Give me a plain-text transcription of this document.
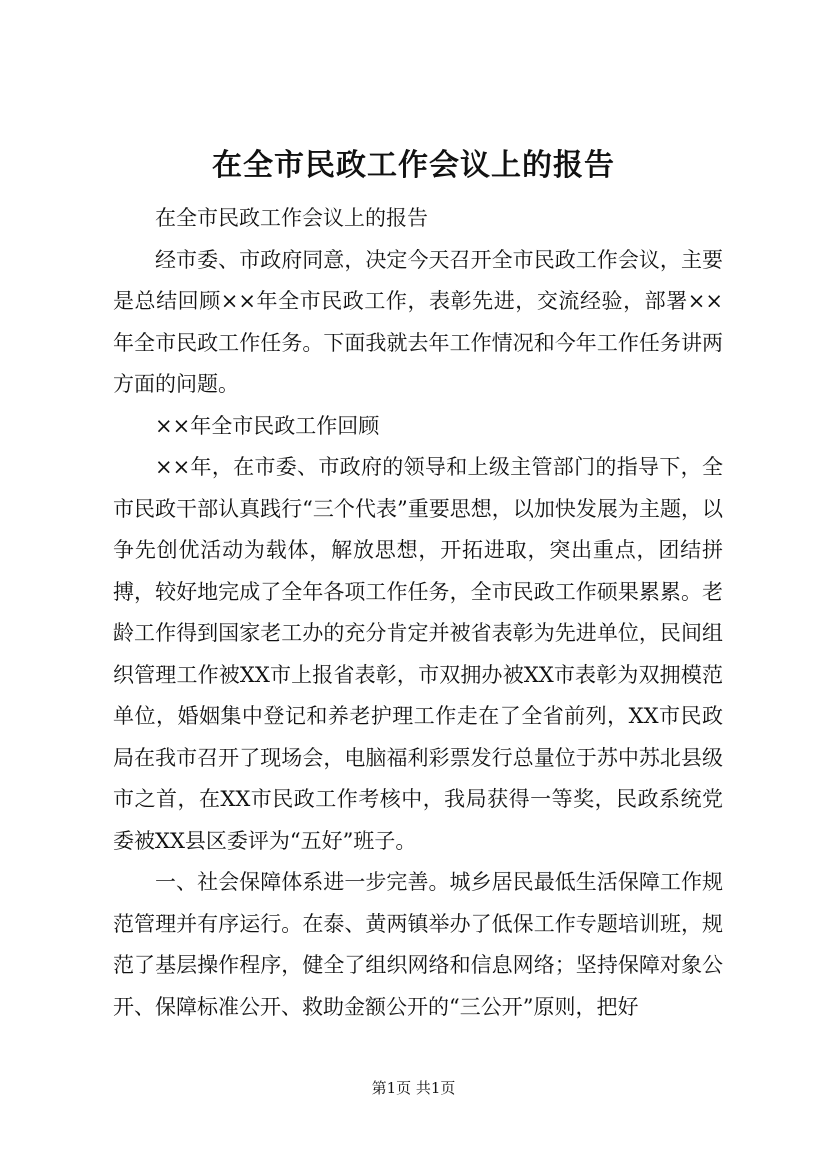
在全市民政工作会议上的报告

在全市民政工作会议上的报告

经市委、市政府同意，决定今天召开全市民政工作会议，主要是总结回顾××年全市民政工作，表彰先进，交流经验，部署××年全市民政工作任务。下面我就去年工作情况和今年工作任务讲两方面的问题。

××年全市民政工作回顾

××年，在市委、市政府的领导和上级主管部门的指导下，全市民政干部认真践行“三个代表”重要思想，以加快发展为主题，以争先创优活动为载体，解放思想，开拓进取，突出重点，团结拼搏，较好地完成了全年各项工作任务，全市民政工作硕果累累。老龄工作得到国家老工办的充分肯定并被省表彰为先进单位，民间组织管理工作被XX市上报省表彰，市双拥办被XX市表彰为双拥模范单位，婚姻集中登记和养老护理工作走在了全省前列，XX市民政局在我市召开了现场会，电脑福利彩票发行总量位于苏中苏北县级市之首，在XX市民政工作考核中，我局获得一等奖，民政系统党委被XX县区委评为“五好”班子。

一、社会保障体系进一步完善。城乡居民最低生活保障工作规范管理并有序运行。在泰、黄两镇举办了低保工作专题培训班，规范了基层操作程序，健全了组织网络和信息网络；坚持保障对象公开、保障标准公开、救助金额公开的“三公开”原则，把好

第1页 共1页
